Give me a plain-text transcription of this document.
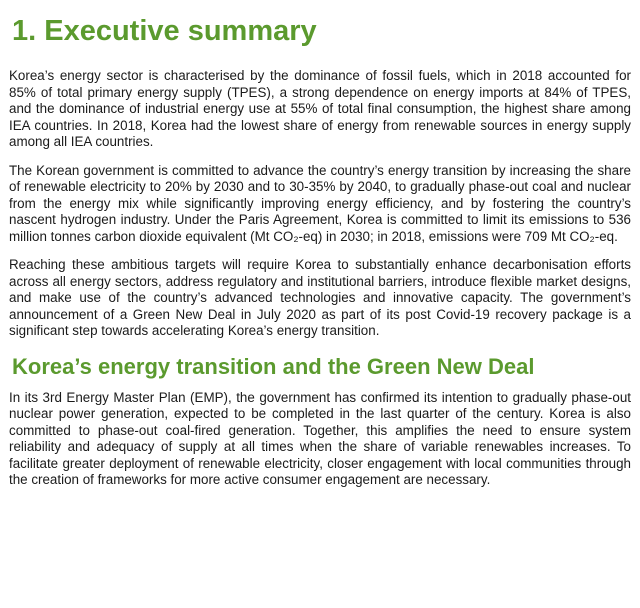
1. Executive summary

Korea’s energy sector is characterised by the dominance of fossil fuels, which in 2018 accounted for 85% of total primary energy supply (TPES), a strong dependence on energy imports at 84% of TPES, and the dominance of industrial energy use at 55% of total final consumption, the highest share among IEA countries. In 2018, Korea had the lowest share of energy from renewable sources in energy supply among all IEA countries.

The Korean government is committed to advance the country’s energy transition by increasing the share of renewable electricity to 20% by 2030 and to 30-35% by 2040, to gradually phase-out coal and nuclear from the energy mix while significantly improving energy efficiency, and by fostering the country’s nascent hydrogen industry. Under the Paris Agreement, Korea is committed to limit its emissions to 536 million tonnes carbon dioxide equivalent (Mt CO₂-eq) in 2030; in 2018, emissions were 709 Mt CO₂-eq.

Reaching these ambitious targets will require Korea to substantially enhance decarbonisation efforts across all energy sectors, address regulatory and institutional barriers, introduce flexible market designs, and make use of the country’s advanced technologies and innovative capacity. The government’s announcement of a Green New Deal in July 2020 as part of its post Covid-19 recovery package is a significant step towards accelerating Korea’s energy transition.

Korea’s energy transition and the Green New Deal

In its 3rd Energy Master Plan (EMP), the government has confirmed its intention to gradually phase-out nuclear power generation, expected to be completed in the last quarter of the century. Korea is also committed to phase-out coal-fired generation. Together, this amplifies the need to ensure system reliability and adequacy of supply at all times when the share of variable renewables increases. To facilitate greater deployment of renewable electricity, closer engagement with local communities through the creation of frameworks for more active consumer engagement are necessary.
